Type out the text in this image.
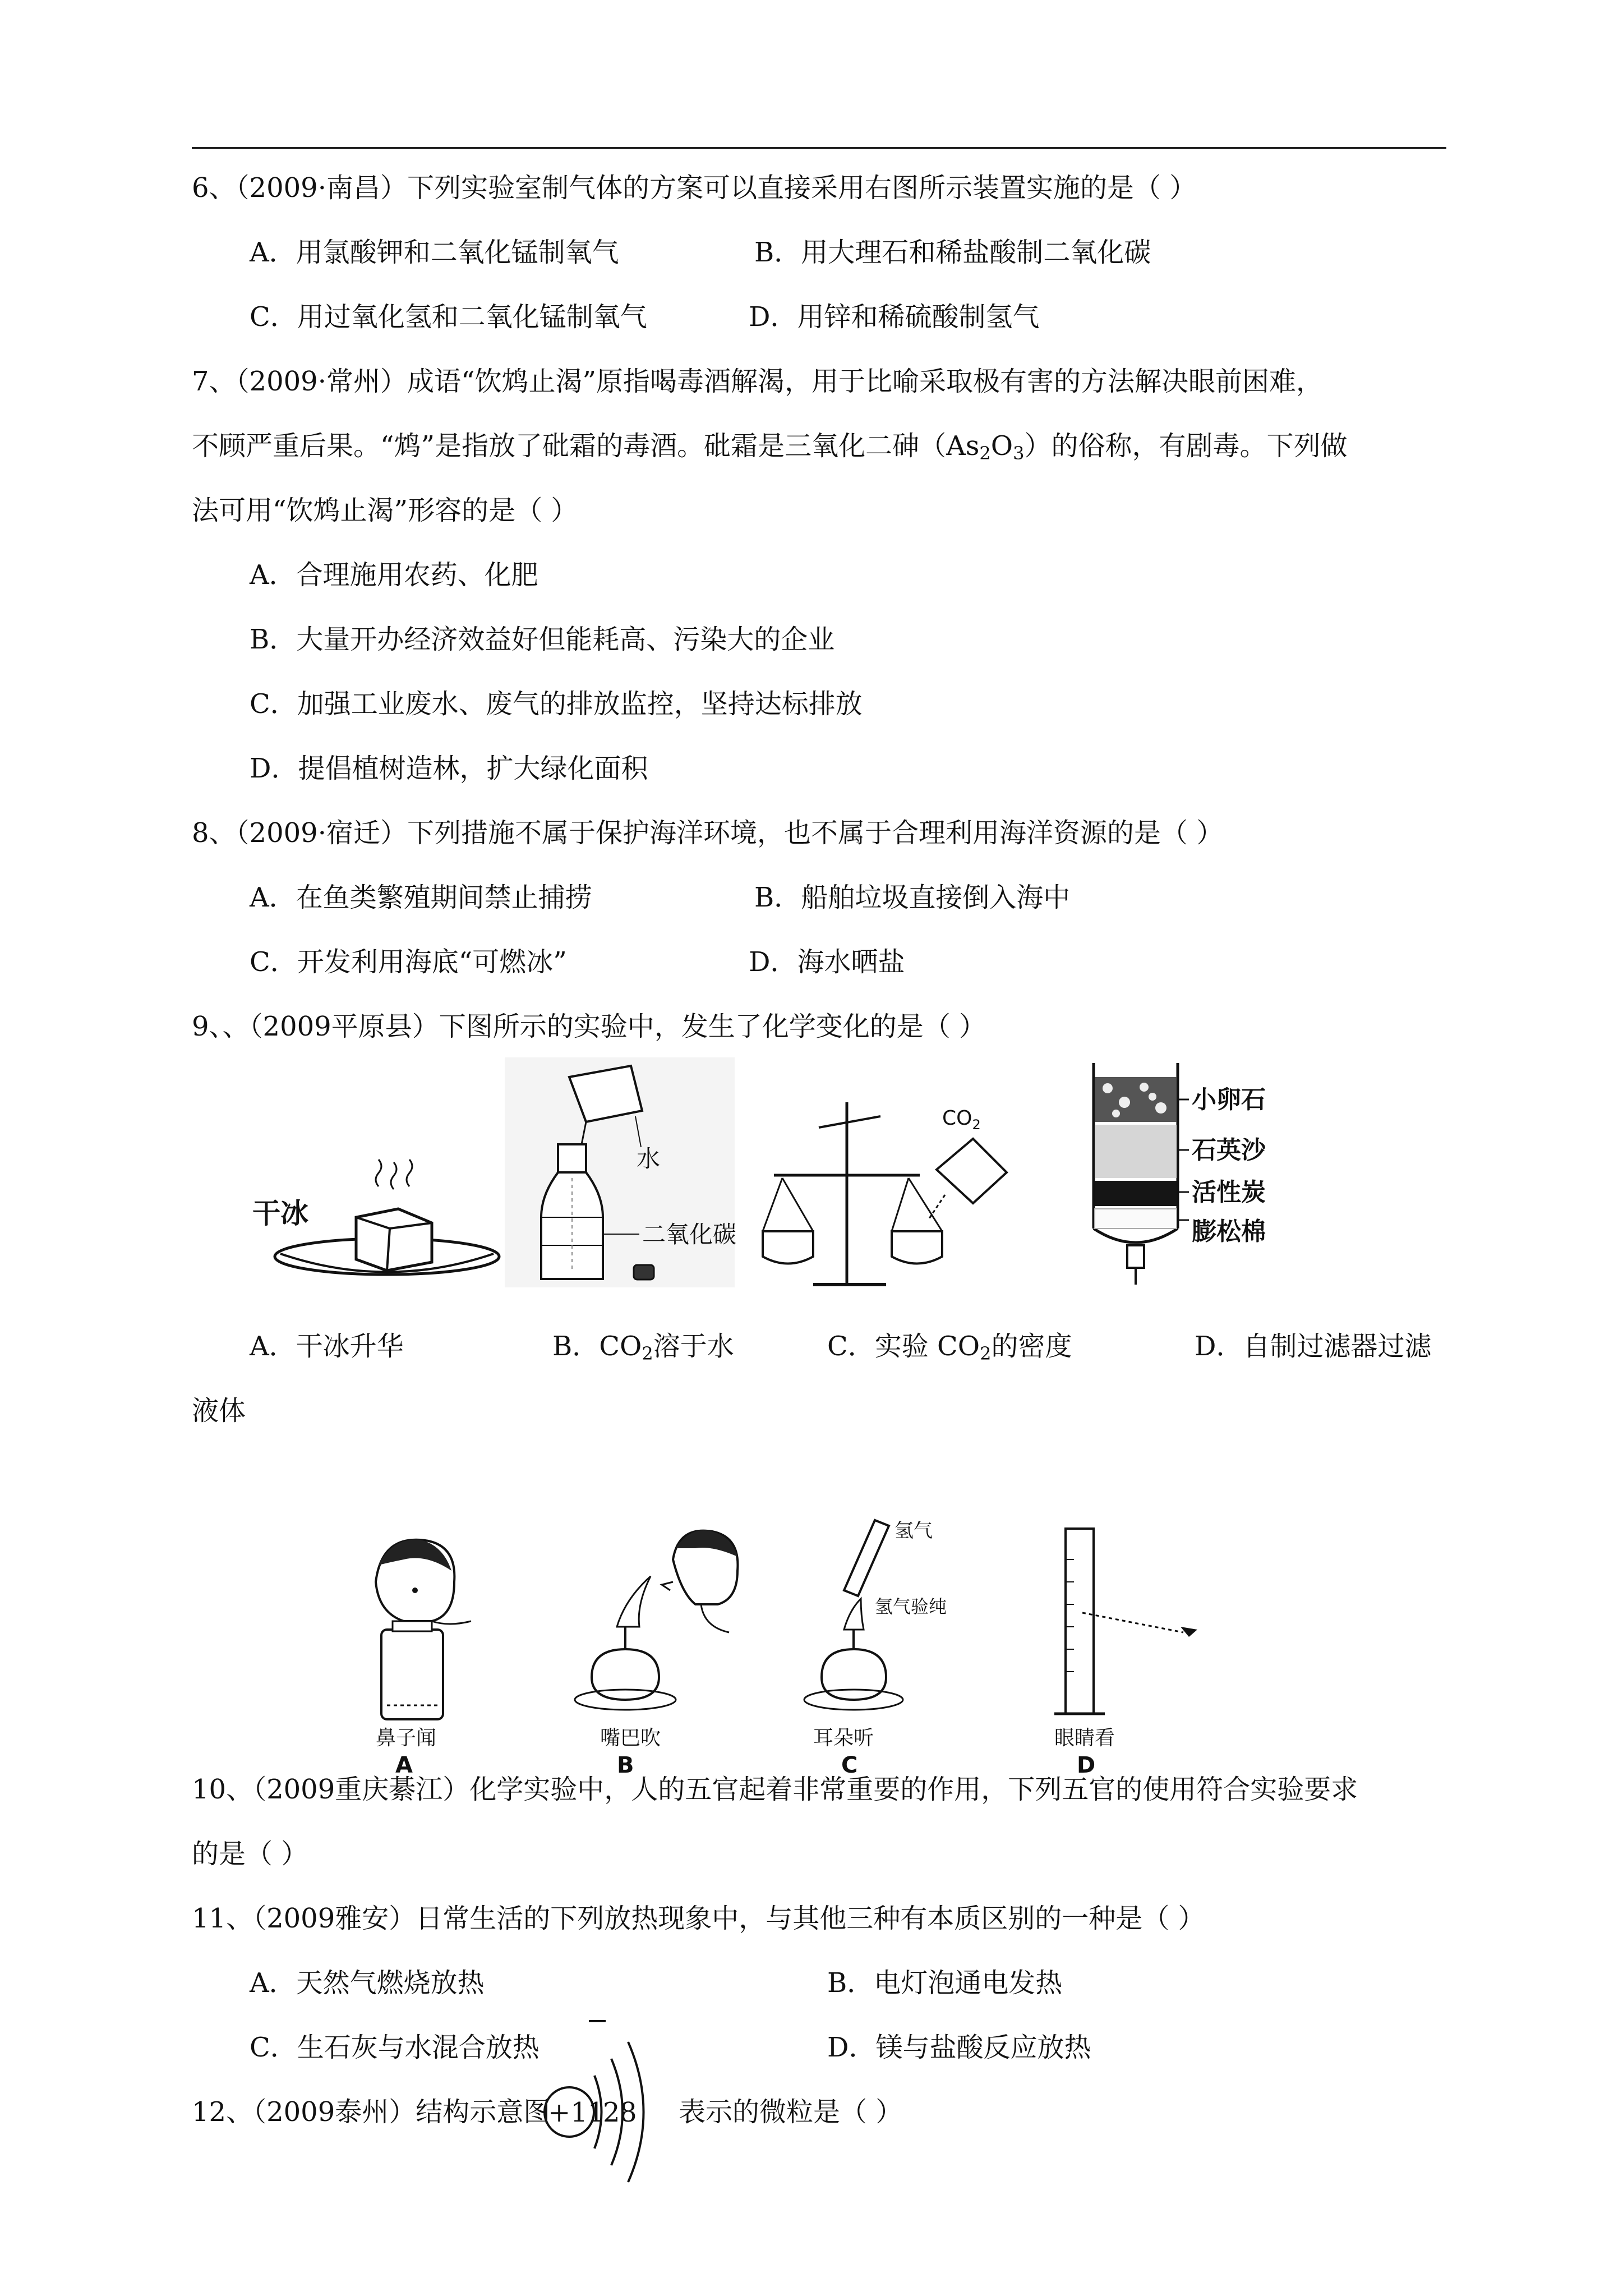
6、（2009·南昌）下列实验室制气体的方案可以直接采用右图所示装置实施的是（ ）
A．用氯酸钾和二氧化锰制氧气	B．用大理石和稀盐酸制二氧化碳
C．用过氧化氢和二氧化锰制氧气	D．用锌和稀硫酸制氢气
7、（2009·常州）成语“饮鸩止渴”原指喝毒酒解渴，用于比喻采取极有害的方法解决眼前困难，
不顾严重后果。“鸩”是指放了砒霜的毒酒。砒霜是三氧化二砷$(As_2O_3)$的俗称，有剧毒。下列做
法可用“饮鸩止渴”形容的是（ ）
A．合理施用农药、化肥
B．大量开办经济效益好但能耗高、污染大的企业
C．加强工业废水、废气的排放监控，坚持达标排放
D．提倡植树造林，扩大绿化面积
8、（2009·宿迁）下列措施不属于保护海洋环境，也不属于合理利用海洋资源的是（ ）
A．在鱼类繁殖期间禁止捕捞	B．船舶垃圾直接倒入海中
C．开发利用海底“可燃冰”	D．海水晒盐
9、、（2009平原县）下图所示的实验中，发生了化学变化的是（ ）
干冰
水
二氧化碳
$CO_2$
小卵石
石英沙
活性炭
膨松棉
A．干冰升华	B．$CO_2$溶于水	C．实验 $CO_2$的密度	D．自制过滤器过滤
液体
鼻子闻
A
嘴巴吹
B
氢气
氢气验纯
耳朵听
C
眼睛看
D
10、（2009重庆綦江）化学实验中，人的五官起着非常重要的作用，下列五官的使用符合实验要求
的是（ ）
11、（2009雅安）日常生活的下列放热现象中，与其他三种有本质区别的一种是（ ）
A．天然气燃烧放热	B．电灯泡通电发热
C．生石灰与水混合放热	D．镁与盐酸反应放热
12、（2009泰州）结构示意图
+11
2 8 表示的微粒是（ ）
